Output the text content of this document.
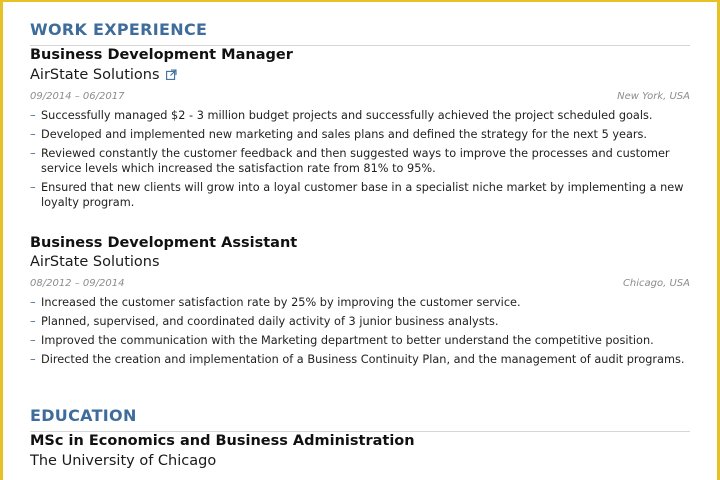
WORK EXPERIENCE
Business Development Manager
AirState Solutions
09/2014 – 06/2017	New York, USA
– Successfully managed $2 - 3 million budget projects and successfully achieved the project scheduled goals.
– Developed and implemented new marketing and sales plans and defined the strategy for the next 5 years.
– Reviewed constantly the customer feedback and then suggested ways to improve the processes and customer service levels which increased the satisfaction rate from 81% to 95%.
– Ensured that new clients will grow into a loyal customer base in a specialist niche market by implementing a new loyalty program.
Business Development Assistant
AirState Solutions
08/2012 – 09/2014	Chicago, USA
– Increased the customer satisfaction rate by 25% by improving the customer service.
– Planned, supervised, and coordinated daily activity of 3 junior business analysts.
– Improved the communication with the Marketing department to better understand the competitive position.
– Directed the creation and implementation of a Business Continuity Plan, and the management of audit programs.
EDUCATION
MSc in Economics and Business Administration
The University of Chicago
